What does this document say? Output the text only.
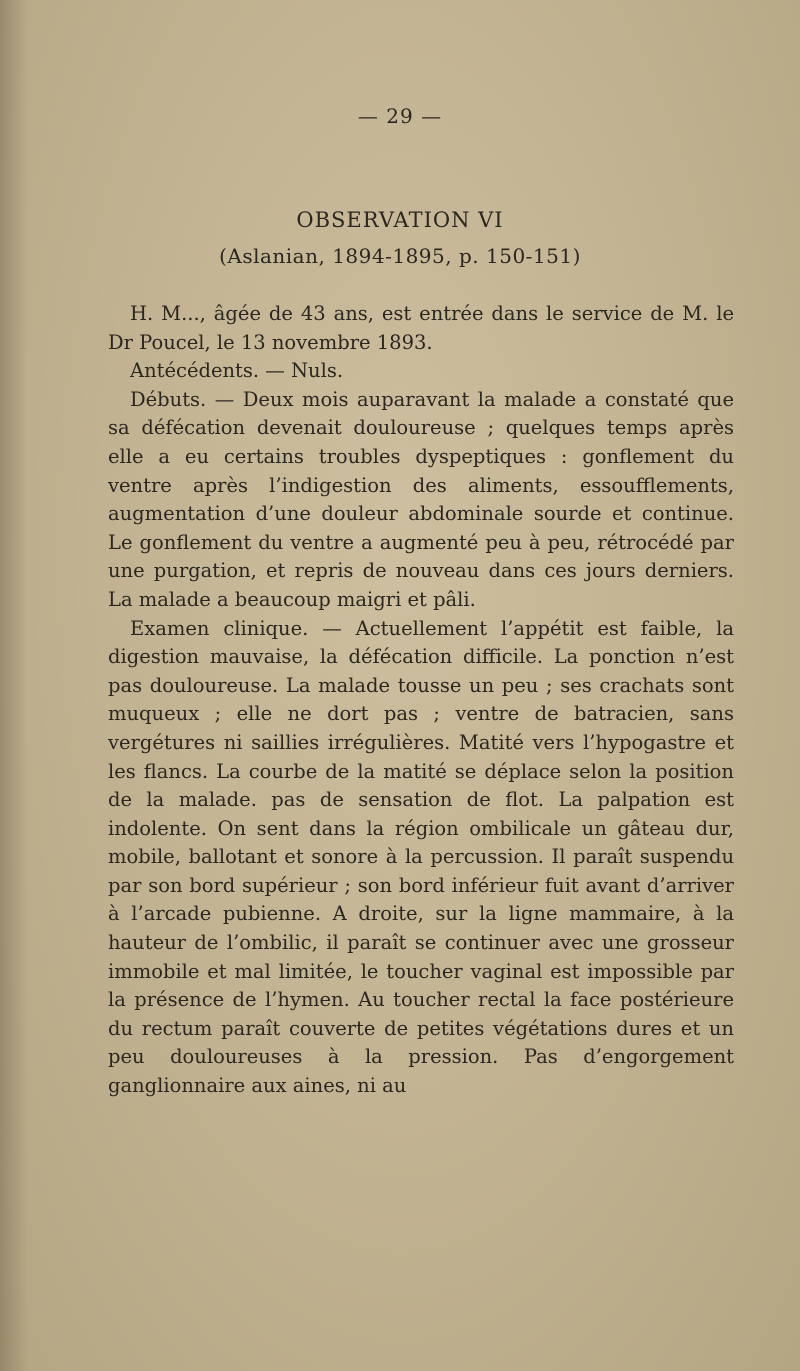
— 29 —
OBSERVATION VI
(Aslanian, 1894-1895, p. 150-151)

H. M..., âgée de 43 ans, est entrée dans le service de M. le Dr Poucel, le 13 novembre 1893.

Antécédents. — Nuls.

Débuts. — Deux mois auparavant la malade a constaté que sa défécation devenait douloureuse ; quelques temps après elle a eu certains troubles dyspeptiques : gonflement du ventre après l’indigestion des aliments, essoufflements, augmentation d’une douleur abdominale sourde et continue. Le gonflement du ventre a augmenté peu à peu, rétrocédé par une purgation, et repris de nouveau dans ces jours derniers. La malade a beaucoup maigri et pâli.

Examen clinique. — Actuellement l’appétit est faible, la digestion mauvaise, la défécation difficile. La ponction n’est pas douloureuse. La malade tousse un peu ; ses crachats sont muqueux ; elle ne dort pas ; ventre de batracien, sans vergétures ni saillies irrégulières. Matité vers l’hypogastre et les flancs. La courbe de la matité se déplace selon la position de la malade. pas de sensation de flot. La palpation est indolente. On sent dans la région ombilicale un gâteau dur, mobile, ballotant et sonore à la percussion. Il paraît suspendu par son bord supérieur ; son bord inférieur fuit avant d’arriver à l’arcade pubienne. A droite, sur la ligne mammaire, à la hauteur de l’ombilic, il paraît se continuer avec une grosseur immobile et mal limitée, le toucher vaginal est impossible par la présence de l’hymen. Au toucher rectal la face postérieure du rectum paraît couverte de petites végétations dures et un peu douloureuses à la pression. Pas d’engorgement ganglionnaire aux aines, ni au
